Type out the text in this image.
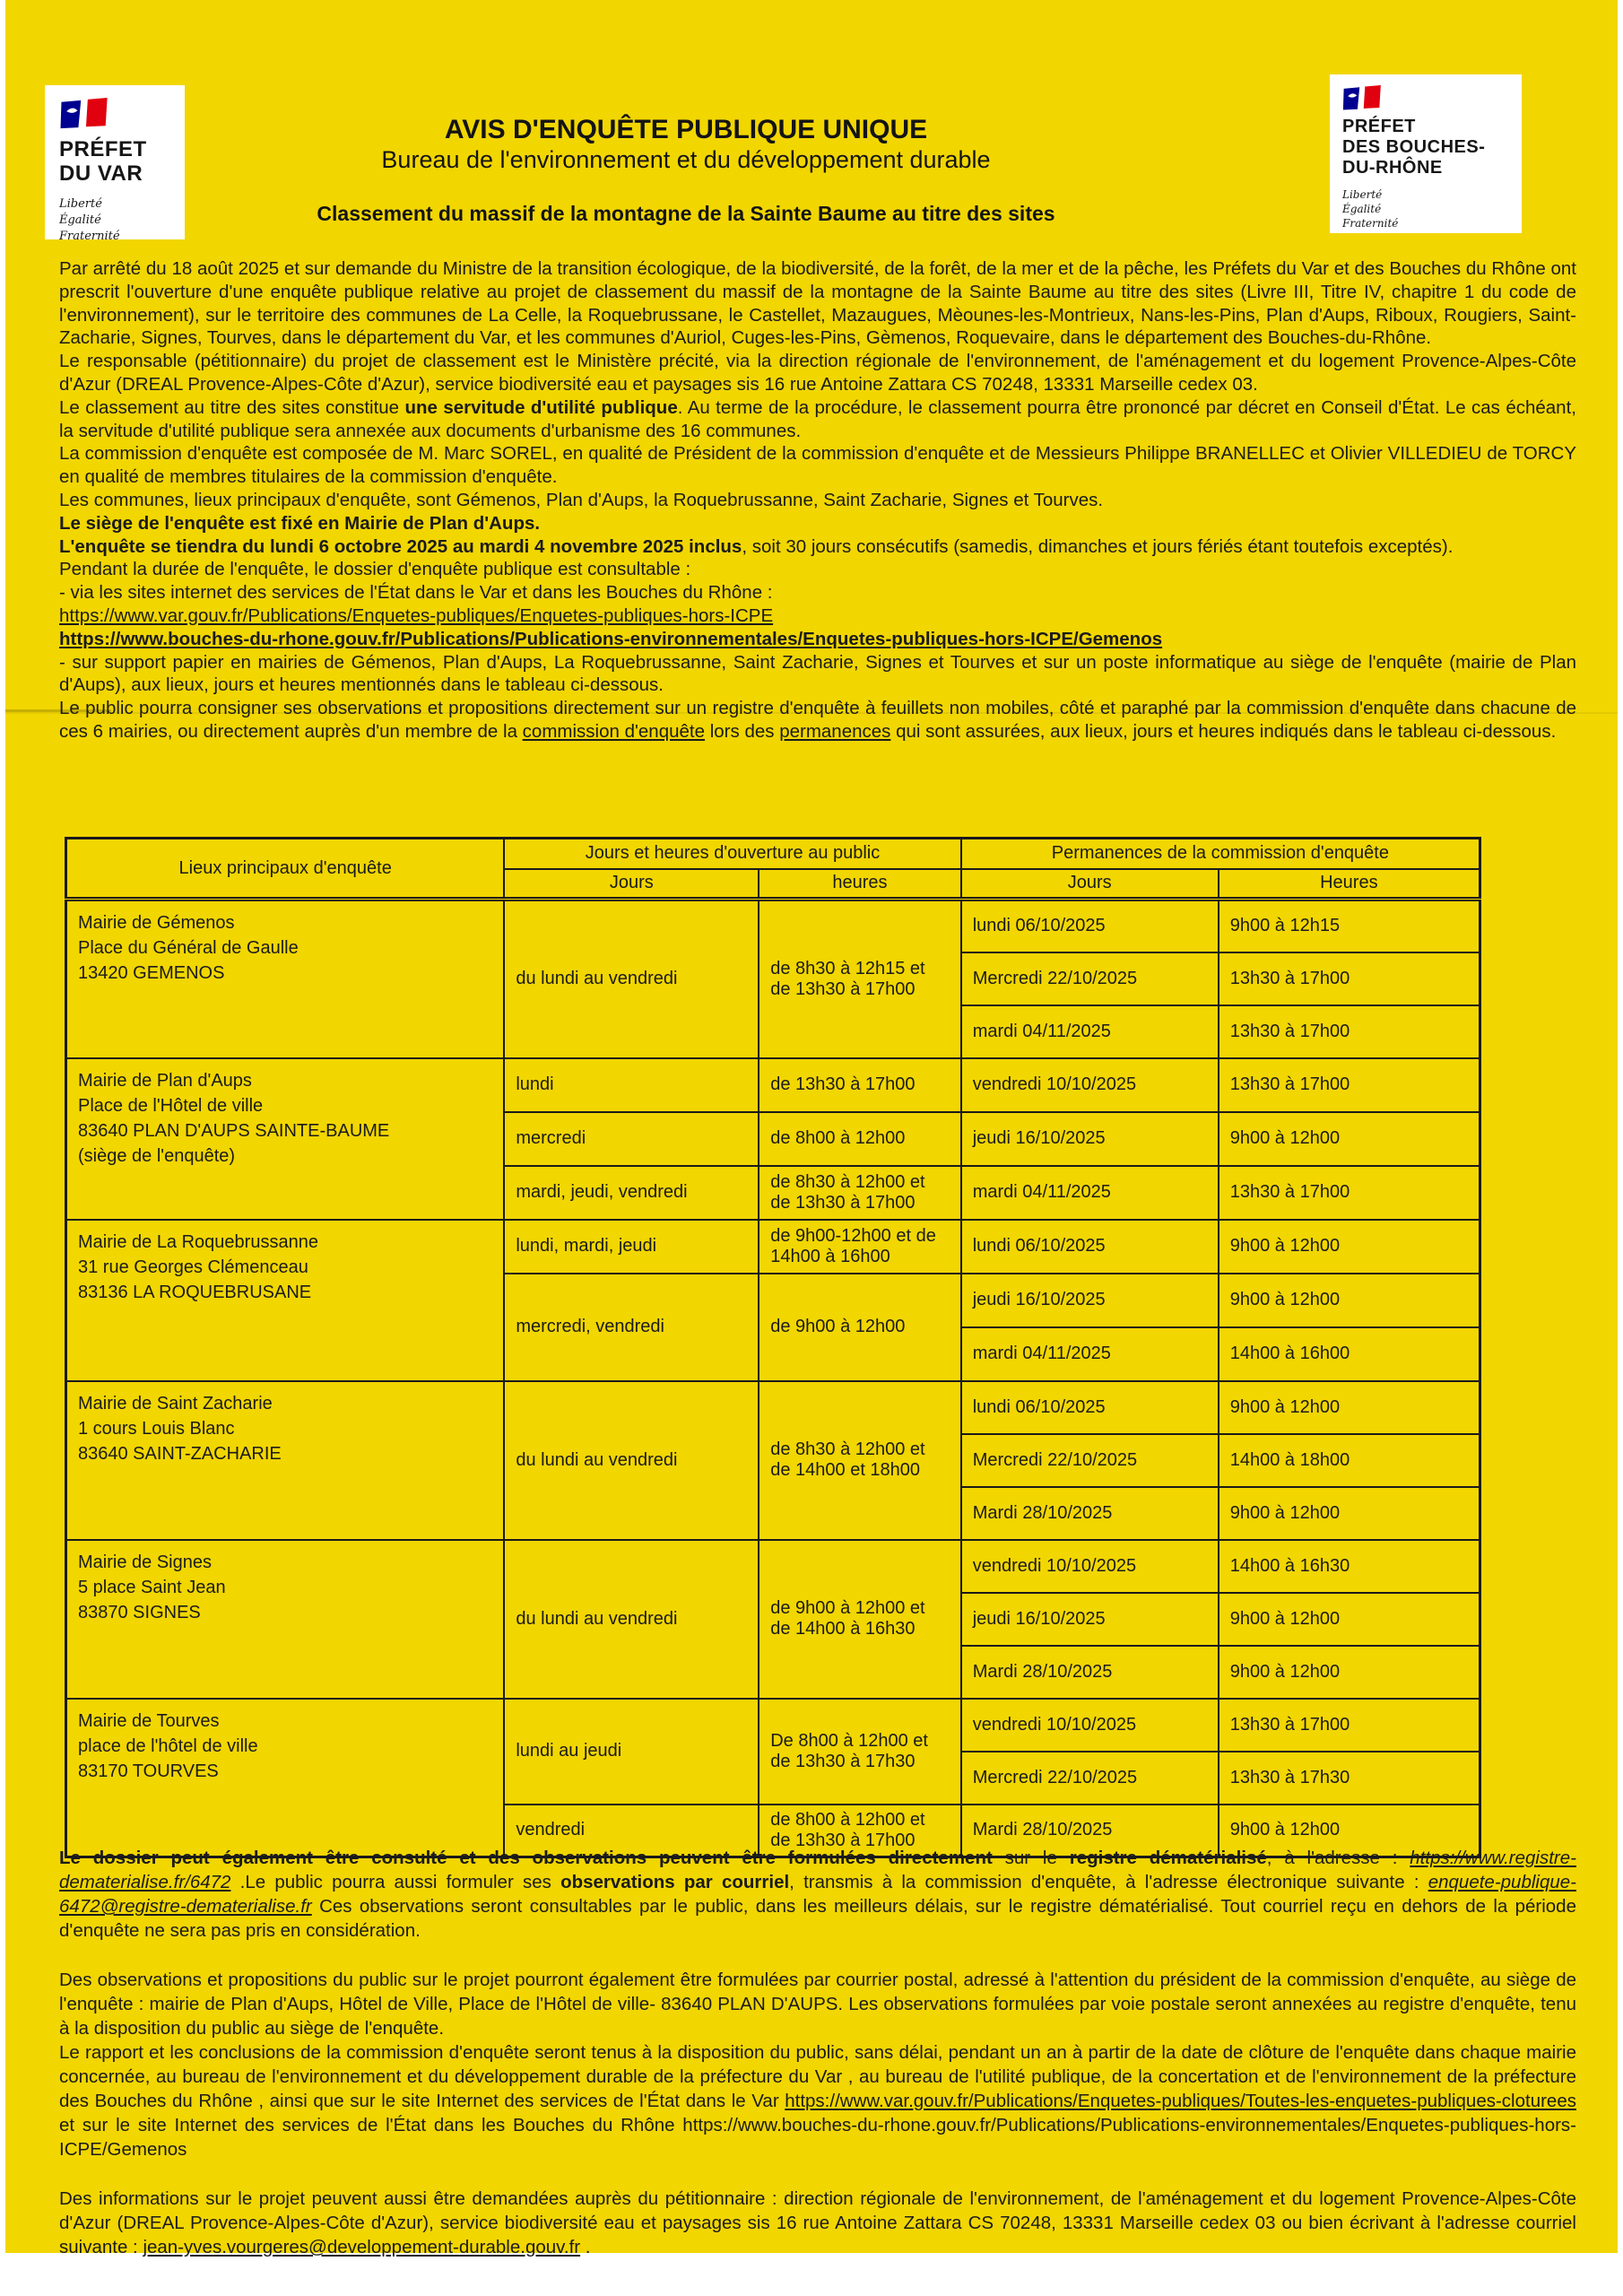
PRÉFET
DU VAR
Liberté
Égalité
Fraternité
PRÉFET
DES BOUCHES-
DU-RHÔNE
Liberté
Égalité
Fraternité
AVIS D'ENQUÊTE PUBLIQUE UNIQUE
Bureau de l'environnement et du développement durable
Classement du massif de la montagne de la Sainte Baume au titre des sites

Par arrêté du 18 août 2025 et sur demande du Ministre de la transition écologique, de la biodiversité, de la forêt, de la mer et de la pêche, les Préfets du Var et des Bouches du Rhône ont prescrit l'ouverture d'une enquête publique relative au projet de classement du massif de la montagne de la Sainte Baume au titre des sites (Livre III, Titre IV, chapitre 1 du code de l'environnement), sur le territoire des communes de La Celle, la Roquebrussane, le Castellet, Mazaugues, Mèounes-les-Montrieux, Nans-les-Pins, Plan d'Aups, Riboux, Rougiers, Saint-Zacharie, Signes, Tourves, dans le département du Var, et les communes d'Auriol, Cuges-les-Pins, Gèmenos, Roquevaire, dans le département des Bouches-du-Rhône.

Le responsable (pétitionnaire) du projet de classement est le Ministère précité, via la direction régionale de l'environnement, de l'aménagement et du logement Provence-Alpes-Côte d'Azur (DREAL Provence-Alpes-Côte d'Azur), service biodiversité eau et paysages sis 16 rue Antoine Zattara CS 70248, 13331 Marseille cedex 03.

Le classement au titre des sites constitue une servitude d'utilité publique. Au terme de la procédure, le classement pourra être prononcé par décret en Conseil d'État. Le cas échéant, la servitude d'utilité publique sera annexée aux documents d'urbanisme des 16 communes.

La commission d'enquête est composée de M. Marc SOREL, en qualité de Président de la commission d'enquête et de Messieurs Philippe BRANELLEC et Olivier VILLEDIEU de TORCY en qualité de membres titulaires de la commission d'enquête.

Les communes, lieux principaux d'enquête, sont Gémenos, Plan d'Aups, la Roquebrussanne, Saint Zacharie, Signes et Tourves.

Le siège de l'enquête est fixé en Mairie de Plan d'Aups.

L'enquête se tiendra du lundi 6 octobre 2025 au mardi 4 novembre 2025 inclus, soit 30 jours consécutifs (samedis, dimanches et jours fériés étant toutefois exceptés).

Pendant la durée de l'enquête, le dossier d'enquête publique est consultable :

- via les sites internet des services de l'État dans le Var et dans les Bouches du Rhône :

https://www.var.gouv.fr/Publications/Enquetes-publiques/Enquetes-publiques-hors-ICPE

https://www.bouches-du-rhone.gouv.fr/Publications/Publications-environnementales/Enquetes-publiques-hors-ICPE/Gemenos

- sur support papier en mairies de Gémenos, Plan d'Aups, La Roquebrussanne, Saint Zacharie, Signes et Tourves et sur un poste informatique au siège de l'enquête (mairie de Plan d'Aups), aux lieux, jours et heures mentionnés dans le tableau ci-dessous.

Le public pourra consigner ses observations et propositions directement sur un registre d'enquête à feuillets non mobiles, côté et paraphé par la commission d'enquête dans chacune de ces 6 mairies, ou directement auprès d'un membre de la commission d'enquête lors des permanences qui sont assurées, aux lieux, jours et heures indiqués dans le tableau ci-dessous.

Lieux principaux d'enquête	Jours et heures d'ouverture au public		Permanences de la commission d'enquête	
	Jours	heures	Jours	Heures

Mairie de Gémenos
Place du Général de Gaulle
13420 GEMENOS	du lundi au vendredi	de 8h30 à 12h15 et de 13h30 à 17h00	lundi 06/10/2025	9h00 à 12h15
			Mercredi 22/10/2025	13h30 à 17h00
			mardi 04/11/2025	13h30 à 17h00

Mairie de Plan d'Aups
Place de l'Hôtel de ville
83640 PLAN D'AUPS SAINTE-BAUME
(siège de l'enquête)	lundi	de 13h30 à 17h00	vendredi 10/10/2025	13h30 à 17h00
	mercredi	de 8h00 à 12h00	jeudi 16/10/2025	9h00 à 12h00
	mardi, jeudi, vendredi	de 8h30 à 12h00 et de 13h30 à 17h00	mardi 04/11/2025	13h30 à 17h00

Mairie de La Roquebrussanne
31 rue Georges Clémenceau
83136 LA ROQUEBRUSANE	lundi, mardi, jeudi	de 9h00-12h00 et de 14h00 à 16h00	lundi 06/10/2025	9h00 à 12h00
	mercredi, vendredi	de 9h00 à 12h00	jeudi 16/10/2025	9h00 à 12h00
			mardi 04/11/2025	14h00 à 16h00

Mairie de Saint Zacharie
1 cours Louis Blanc
83640 SAINT-ZACHARIE	du lundi au vendredi	de 8h30 à 12h00 et de 14h00 et 18h00	lundi 06/10/2025	9h00 à 12h00
			Mercredi 22/10/2025	14h00 à 18h00
			Mardi 28/10/2025	9h00 à 12h00

Mairie de Signes
5 place Saint Jean
83870 SIGNES	du lundi au vendredi	de 9h00 à 12h00 et de 14h00 à 16h30	vendredi 10/10/2025	14h00 à 16h30
			jeudi 16/10/2025	9h00 à 12h00
			Mardi 28/10/2025	9h00 à 12h00

Mairie de Tourves
place de l'hôtel de ville
83170 TOURVES	lundi au jeudi	De 8h00 à 12h00 et de 13h30 à 17h30	vendredi 10/10/2025	13h30 à 17h00
			Mercredi 22/10/2025	13h30 à 17h30
	vendredi	de 8h00 à 12h00 et de 13h30 à 17h00	Mardi 28/10/2025	9h00 à 12h00

Le dossier peut également être consulté et des observations peuvent être formulées directement sur le registre dématérialisé, à l'adresse : https://www.registre-dematerialise.fr/6472 .Le public pourra aussi formuler ses observations par courriel, transmis à la commission d'enquête, à l'adresse électronique suivante : enquete-publique-6472@registre-dematerialise.fr Ces observations seront consultables par le public, dans les meilleurs délais, sur le registre dématérialisé. Tout courriel reçu en dehors de la période d'enquête ne sera pas pris en considération.

Des observations et propositions du public sur le projet pourront également être formulées par courrier postal, adressé à l'attention du président de la commission d'enquête, au siège de l'enquête : mairie de Plan d'Aups, Hôtel de Ville, Place de l'Hôtel de ville- 83640 PLAN D'AUPS. Les observations formulées par voie postale seront annexées au registre d'enquête, tenu à la disposition du public au siège de l'enquête.

Le rapport et les conclusions de la commission d'enquête seront tenus à la disposition du public, sans délai, pendant un an à partir de la date de clôture de l'enquête dans chaque mairie concernée, au bureau de l'environnement et du développement durable de la préfecture du Var , au bureau de l'utilité publique, de la concertation et de l'environnement de la préfecture des Bouches du Rhône , ainsi que sur le site Internet des services de l'État dans le Var https://www.var.gouv.fr/Publications/Enquetes-publiques/Toutes-les-enquetes-publiques-cloturees et sur le site Internet des services de l'État dans les Bouches du Rhône https://www.bouches-du-rhone.gouv.fr/Publications/Publications-environnementales/Enquetes-publiques-hors-ICPE/Gemenos

Des informations sur le projet peuvent aussi être demandées auprès du pétitionnaire : direction régionale de l'environnement, de l'aménagement et du logement Provence-Alpes-Côte d'Azur (DREAL Provence-Alpes-Côte d'Azur), service biodiversité eau et paysages sis 16 rue Antoine Zattara CS 70248, 13331 Marseille cedex 03 ou bien écrivant à l'adresse courriel suivante : jean-yves.vourgeres@developpement-durable.gouv.fr .
